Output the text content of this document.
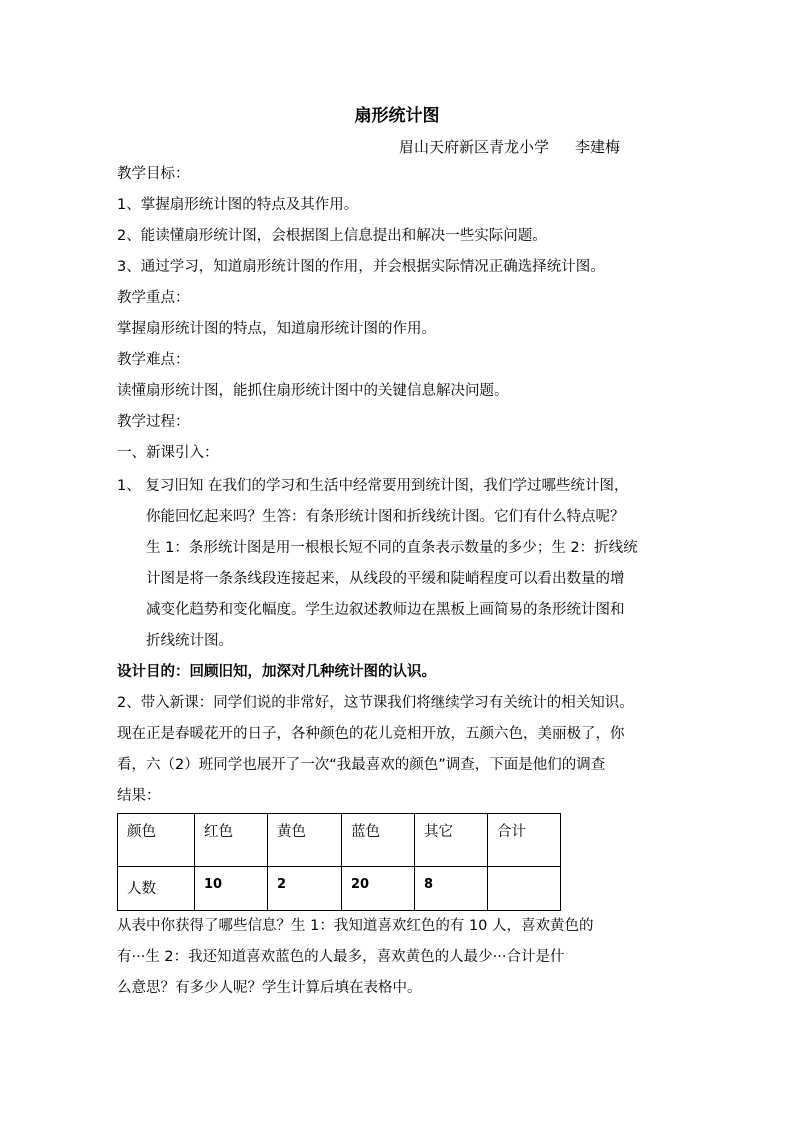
扇形统计图
眉山天府新区青龙小学 李建梅
教学目标：
1、掌握扇形统计图的特点及其作用。
2、能读懂扇形统计图，会根据图上信息提出和解决一些实际问题。
3、通过学习，知道扇形统计图的作用，并会根据实际情况正确选择统计图。
教学重点：
掌握扇形统计图的特点，知道扇形统计图的作用。
教学难点：
读懂扇形统计图，能抓住扇形统计图中的关键信息解决问题。
教学过程：
一、新课引入：
1、 复习旧知 在我们的学习和生活中经常要用到统计图，我们学过哪些统计图，
你能回忆起来吗？生答：有条形统计图和折线统计图。它们有什么特点呢？
生 1：条形统计图是用一根根长短不同的直条表示数量的多少；生 2：折线统
计图是将一条条线段连接起来，从线段的平缓和陡峭程度可以看出数量的增
减变化趋势和变化幅度。学生边叙述教师边在黑板上画简易的条形统计图和
折线统计图。
设计目的：回顾旧知，加深对几种统计图的认识。
2、带入新课：同学们说的非常好，这节课我们将继续学习有关统计的相关知识。
现在正是春暖花开的日子，各种颜色的花儿竞相开放，五颜六色，美丽极了，你
看，六（2）班同学也展开了一次“我最喜欢的颜色”调查，下面是他们的调查
结果：
颜色	红色	黄色	蓝色	其它	合计
人数	10	2	20	8	
从表中你获得了哪些信息？生 1：我知道喜欢红色的有 10 人，喜欢黄色的
有···生 2：我还知道喜欢蓝色的人最多，喜欢黄色的人最少···合计是什
么意思？有多少人呢？学生计算后填在表格中。
